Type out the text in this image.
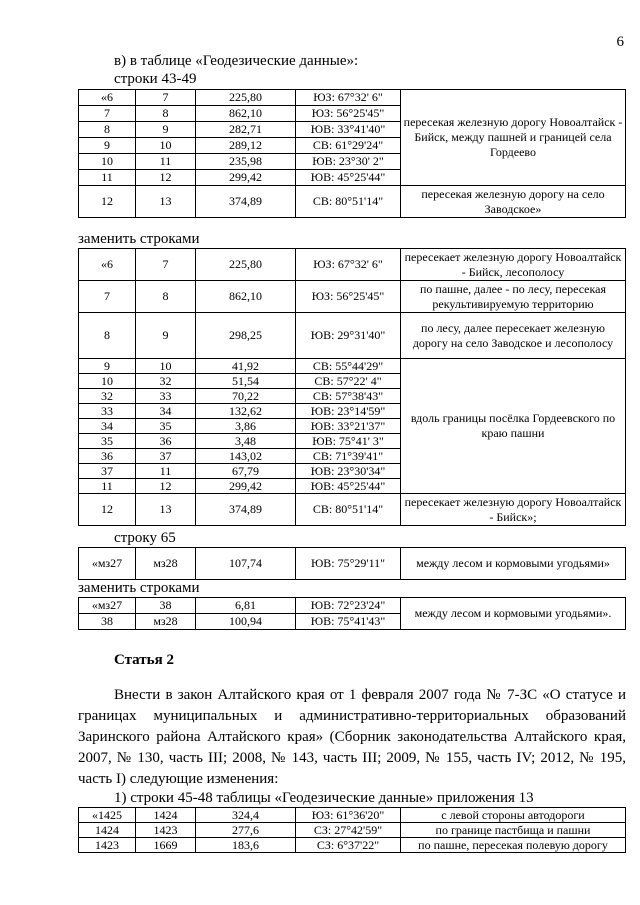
6
в) в таблице «Геодезические данные»:
строки 43-49
«6	7	225,80	ЮЗ: 67°32' 6"	пересекая железную дорогу Новоалтайск - Бийск, между пашней и границей села Гордеево
7	8	862,10	ЮЗ: 56°25'45"	
8	9	282,71	ЮВ: 33°41'40"	
9	10	289,12	СВ: 61°29'24"	
10	11	235,98	ЮВ: 23°30' 2"	
11	12	299,42	ЮВ: 45°25'44"	
12	13	374,89	СВ: 80°51'14"	пересекая железную дорогу на село Заводское»
заменить строками
«6	7	225,80	ЮЗ: 67°32' 6"	пересекает железную дорогу Новоалтайск - Бийск, лесополосу
7	8	862,10	ЮЗ: 56°25'45"	по пашне, далее - по лесу, пересекая рекультивируемую территорию
8	9	298,25	ЮВ: 29°31'40"	по лесу, далее пересекает железную дорогу на село Заводское и лесополосу
9	10	41,92	СВ: 55°44'29"	вдоль границы посёлка Гордеевского по краю пашни
10	32	51,54	СВ: 57°22' 4"	
32	33	70,22	СВ: 57°38'43"	
33	34	132,62	ЮВ: 23°14'59"	
34	35	3,86	ЮВ: 33°21'37"	
35	36	3,48	ЮВ: 75°41' 3"	
36	37	143,02	СВ: 71°39'41"	
37	11	67,79	ЮВ: 23°30'34"	
11	12	299,42	ЮВ: 45°25'44"	
12	13	374,89	СВ: 80°51'14"	пересекает железную дорогу Новоалтайск - Бийск»;
строку 65
«мз27	мз28	107,74	ЮВ: 75°29'11"	между лесом и кормовыми угодьями»
заменить строками
«мз27	38	6,81	ЮВ: 72°23'24"	между лесом и кормовыми угодьями».
38	мз28	100,94	ЮВ: 75°41'43"	
Статья 2
Внести в закон Алтайского края от 1 февраля 2007 года № 7-ЗС «О статусе и границах муниципальных и административно-территориальных образований Заринского района Алтайского края» (Сборник законодательства Алтайского края, 2007, № 130, часть III; 2008, № 143, часть III; 2009, № 155, часть IV; 2012, № 195, часть I) следующие изменения:
1) строки 45-48 таблицы «Геодезические данные» приложения 13
«1425	1424	324,4	ЮЗ: 61°36'20"	с левой стороны автодороги
1424	1423	277,6	СЗ: 27°42'59"	по границе пастбища и пашни
1423	1669	183,6	СЗ: 6°37'22"	по пашне, пересекая полевую дорогу
